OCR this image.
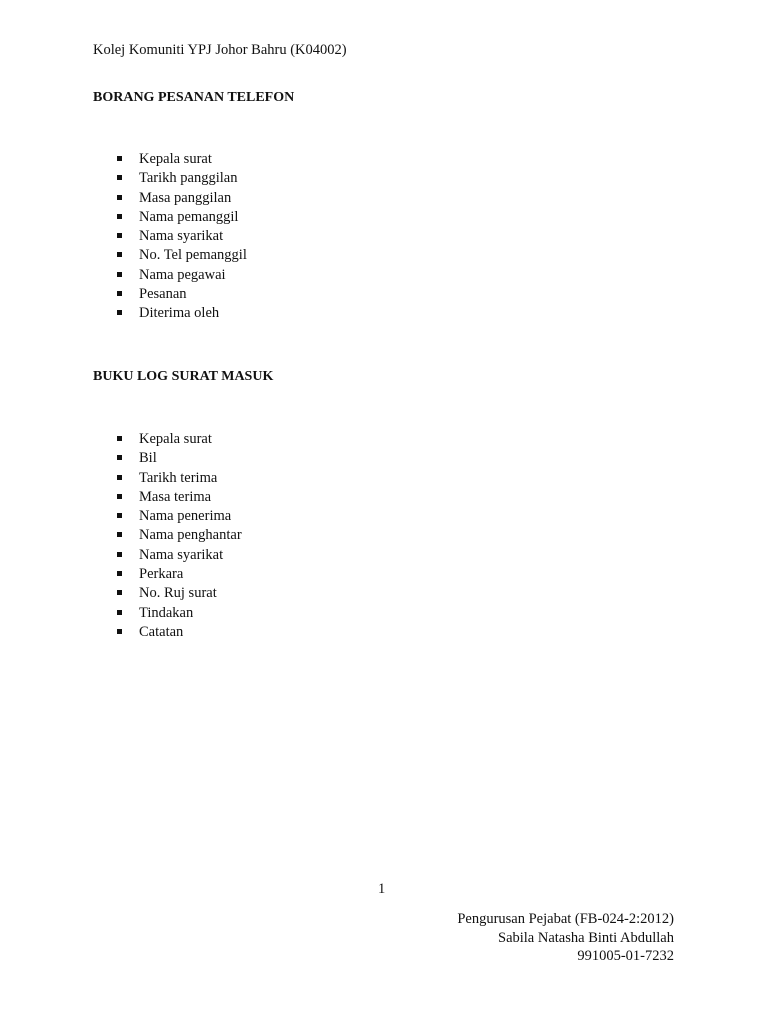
Kolej Komuniti YPJ Johor Bahru (K04002)

BORANG PESANAN TELEFON

Kepala surat
Tarikh panggilan
Masa panggilan
Nama pemanggil
Nama syarikat
No. Tel pemanggil
Nama pegawai
Pesanan
Diterima oleh

BUKU LOG SURAT MASUK

Kepala surat
Bil
Tarikh terima
Masa terima
Nama penerima
Nama penghantar
Nama syarikat
Perkara
No. Ruj surat
Tindakan
Catatan

1

Pengurusan Pejabat (FB-024-2:2012)
Sabila Natasha Binti Abdullah
991005-01-7232
